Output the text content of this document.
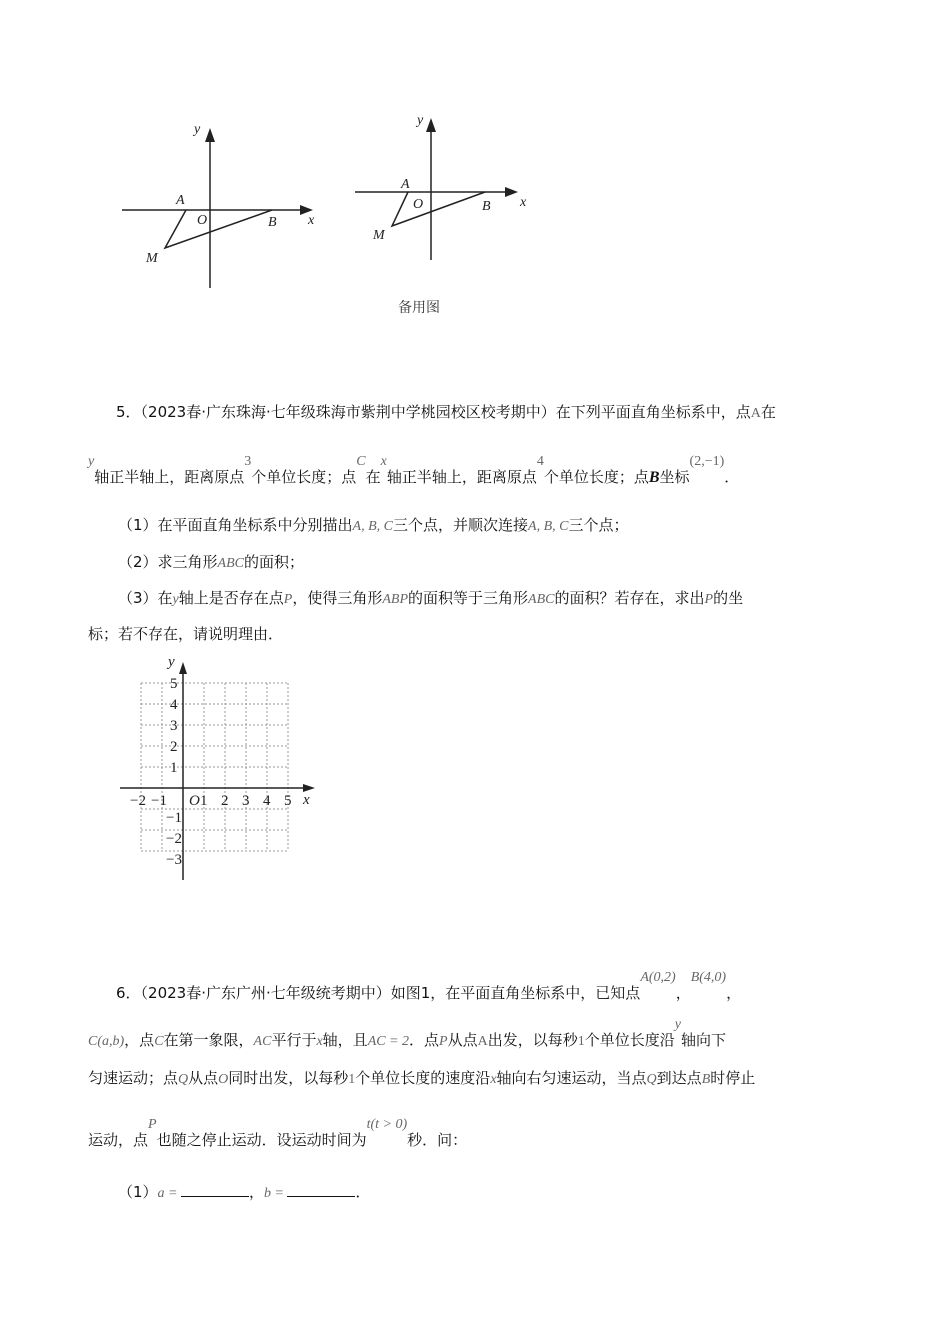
y
x
A
O	B
M
y
x
A
O	B
M
备用图
5．（2023春·广东珠海·七年级珠海市紫荆中学桃园校区校考期中）在下列平面直角坐标系中，点A在
y轴正半轴上，距离原点3个单位长度；点C在x轴正半轴上，距离原点4个单位长度；点B坐标(2,−1)．
（1）在平面直角坐标系中分别描出A, B, C三个点，并顺次连接A, B, C三个点；
（2）求三角形ABC的面积；
（3）在y轴上是否存在点P，使得三角形ABP的面积等于三角形ABC的面积？若存在，求出P的坐
标；若不存在，请说明理由．
y
x
O
−2 −1 1 2 3 4 5
5
4
3
2
1
−1
−2
−3
6．（2023春·广东广州·七年级统考期中）如图1，在平面直角坐标系中，已知点A(0,2)，B(4,0)，
C(a,b)，点C在第一象限，AC平行于x轴，且AC = 2．点P从点A出发，以每秒1个单位长度沿y轴向下
匀速运动；点Q从点O同时出发，以每秒1个单位长度的速度沿x轴向右匀速运动，当点Q到达点B时停止
运动，点P也随之停止运动．设运动时间为t(t > 0)秒．问：
（1）a =	，b =	．
